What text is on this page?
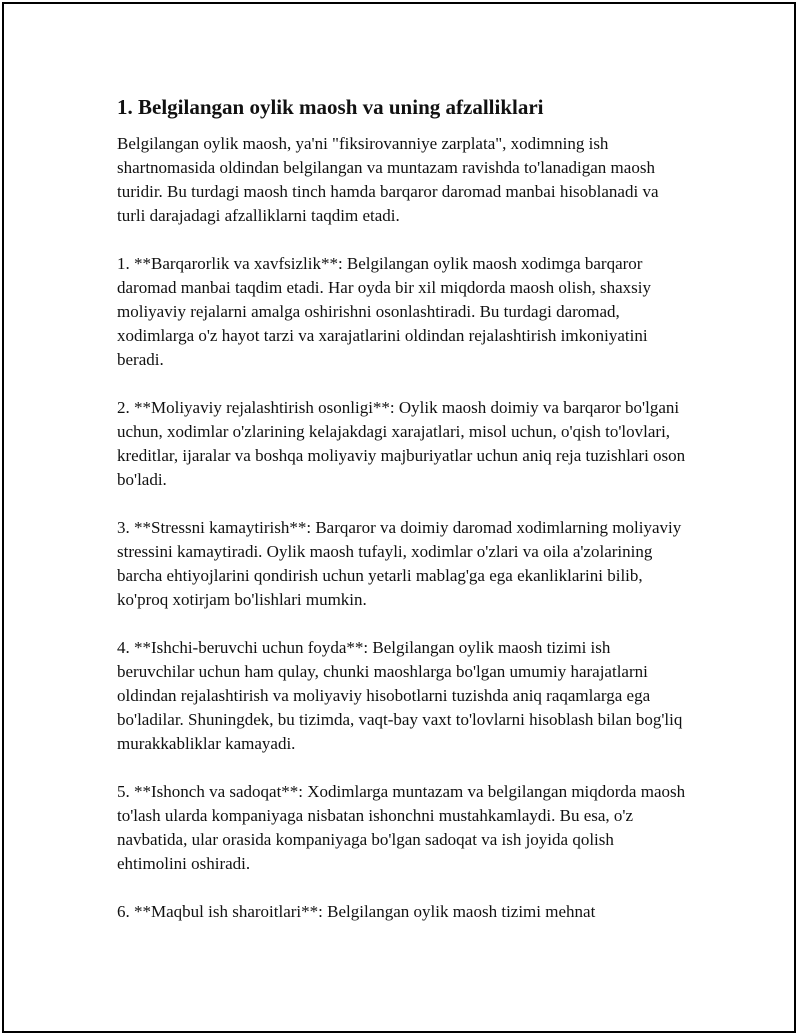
1. Belgilangan oylik maosh va uning afzalliklari

Belgilangan oylik maosh, ya'ni "fiksirovanniye zarplata", xodimning ish shartnomasida oldindan belgilangan va muntazam ravishda to'lanadigan maosh turidir. Bu turdagi maosh tinch hamda barqaror daromad manbai hisoblanadi va turli darajadagi afzalliklarni taqdim etadi.

1. **Barqarorlik va xavfsizlik**: Belgilangan oylik maosh xodimga barqaror daromad manbai taqdim etadi. Har oyda bir xil miqdorda maosh olish, shaxsiy moliyaviy rejalarni amalga oshirishni osonlashtiradi. Bu turdagi daromad, xodimlarga o'z hayot tarzi va xarajatlarini oldindan rejalashtirish imkoniyatini beradi.

2. **Moliyaviy rejalashtirish osonligi**: Oylik maosh doimiy va barqaror bo'lgani uchun, xodimlar o'zlarining kelajakdagi xarajatlari, misol uchun, o'qish to'lovlari, kreditlar, ijaralar va boshqa moliyaviy majburiyatlar uchun aniq reja tuzishlari oson bo'ladi.

3. **Stressni kamaytirish**: Barqaror va doimiy daromad xodimlarning moliyaviy stressini kamaytiradi. Oylik maosh tufayli, xodimlar o'zlari va oila a'zolarining barcha ehtiyojlarini qondirish uchun yetarli mablag'ga ega ekanliklarini bilib, ko'proq xotirjam bo'lishlari mumkin.

4. **Ishchi-beruvchi uchun foyda**: Belgilangan oylik maosh tizimi ish beruvchilar uchun ham qulay, chunki maoshlarga bo'lgan umumiy harajatlarni oldindan rejalashtirish va moliyaviy hisobotlarni tuzishda aniq raqamlarga ega bo'ladilar. Shuningdek, bu tizimda, vaqt-bay vaxt to'lovlarni hisoblash bilan bog'liq murakkabliklar kamayadi.

5. **Ishonch va sadoqat**: Xodimlarga muntazam va belgilangan miqdorda maosh to'lash ularda kompaniyaga nisbatan ishonchni mustahkamlaydi. Bu esa, o'z navbatida, ular orasida kompaniyaga bo'lgan sadoqat va ish joyida qolish ehtimolini oshiradi.

6. **Maqbul ish sharoitlari**: Belgilangan oylik maosh tizimi mehnat
